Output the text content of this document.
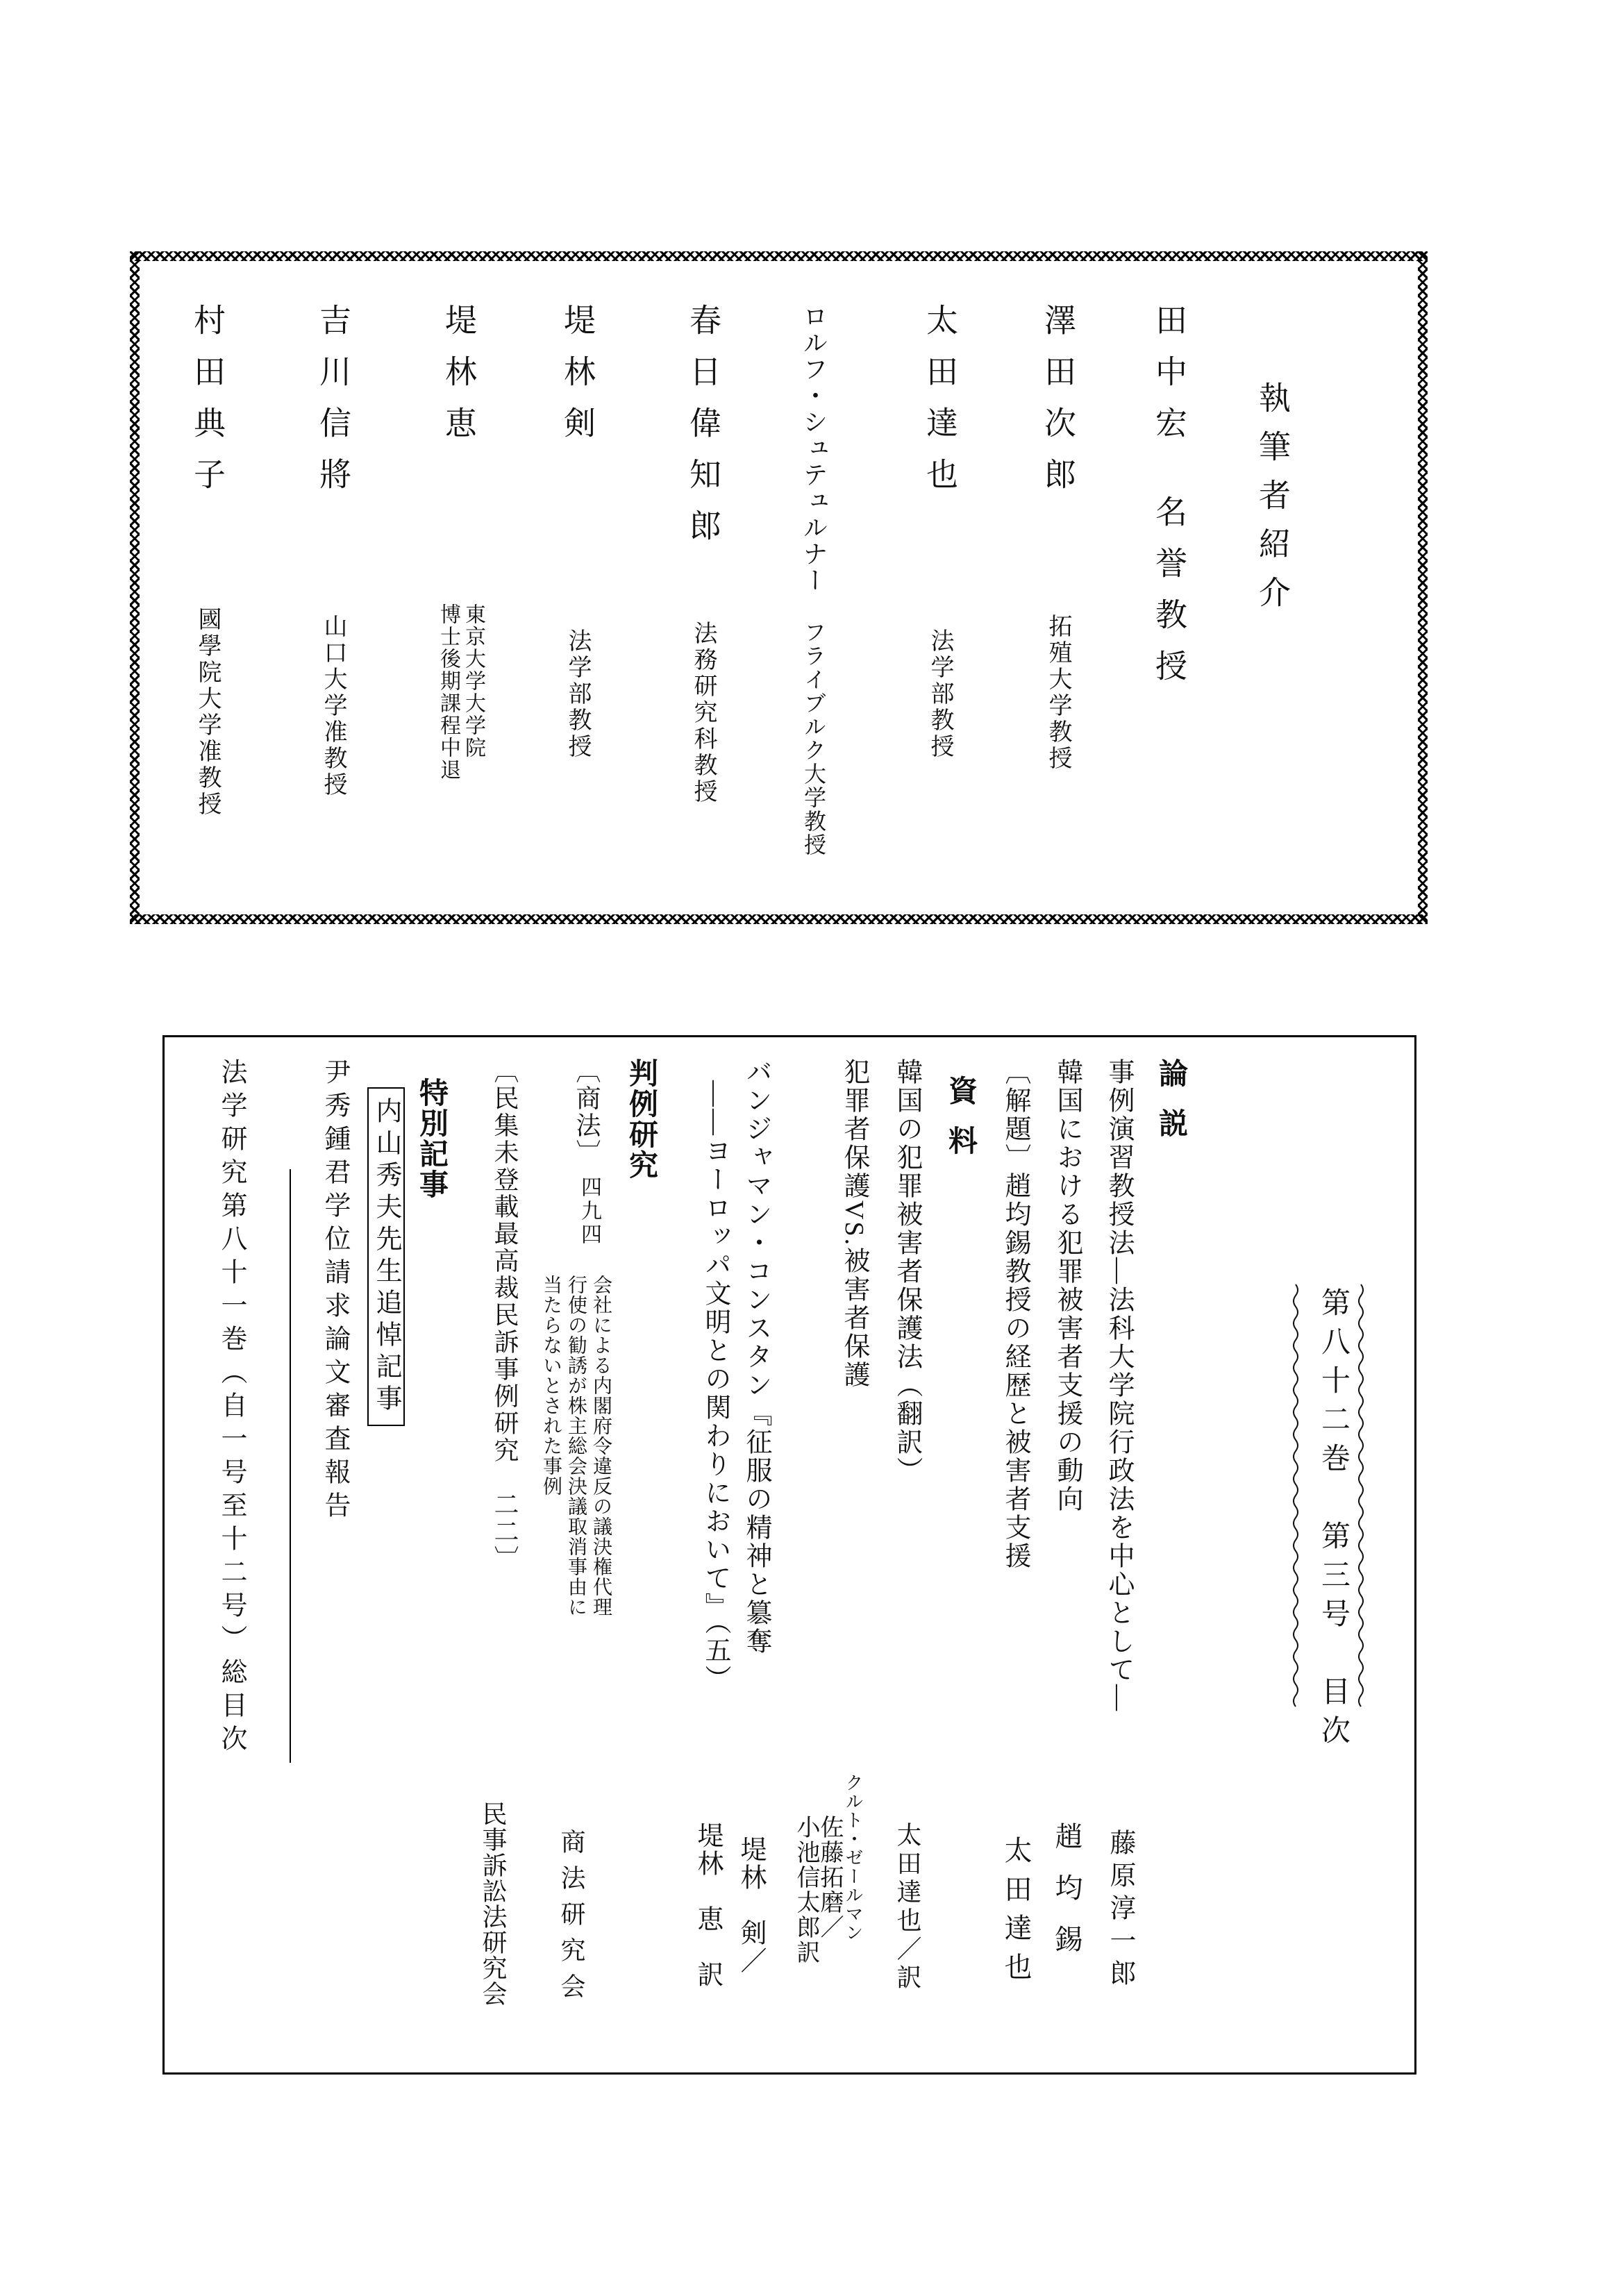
執筆者紹介
田中宏
名誉教授
澤田次郎
拓殖大学教授
太田達也
法学部教授
ロルフ・シュテュルナー
フライブルク大学教授
春日偉知郎
法務研究科教授
堤林剣
法学部教授
堤林恵
東京大学大学院
博士後期課程中退
吉川信將
山口大学准教授
村田典子
國學院大学准教授
第八十二巻　第三号　目次
論説
事例演習教授法―法科大学院行政法を中心として―
藤原淳一郎
韓国における犯罪被害者支援の動向
趙均錫
〔解題〕趙均錫教授の経歴と被害者支援
太田達也
資料
韓国の犯罪被害者保護法（翻訳）
太田達也／訳
犯罪者保護VS.被害者保護
クルト・ゼールマン
佐藤拓磨／
小池信太郎訳
バンジャマン・コンスタン『征服の精神と簒奪
――ヨーロッパ文明との関わりにおいて』（五）
堤林　剣／
堤林　恵　訳
判例研究
〔商法〕
四九四
会社による内閣府令違反の議決権代理
行使の勧誘が株主総会決議取消事由に
当たらないとされた事例
商法研究会
〔民集未登載最高裁民訴事例研究　二二〕
民事訴訟法研究会
特別記事
内山秀夫先生追悼記事
尹秀鍾君学位請求論文審査報告
法学研究第八十一巻（自一号至十二号）総目次
